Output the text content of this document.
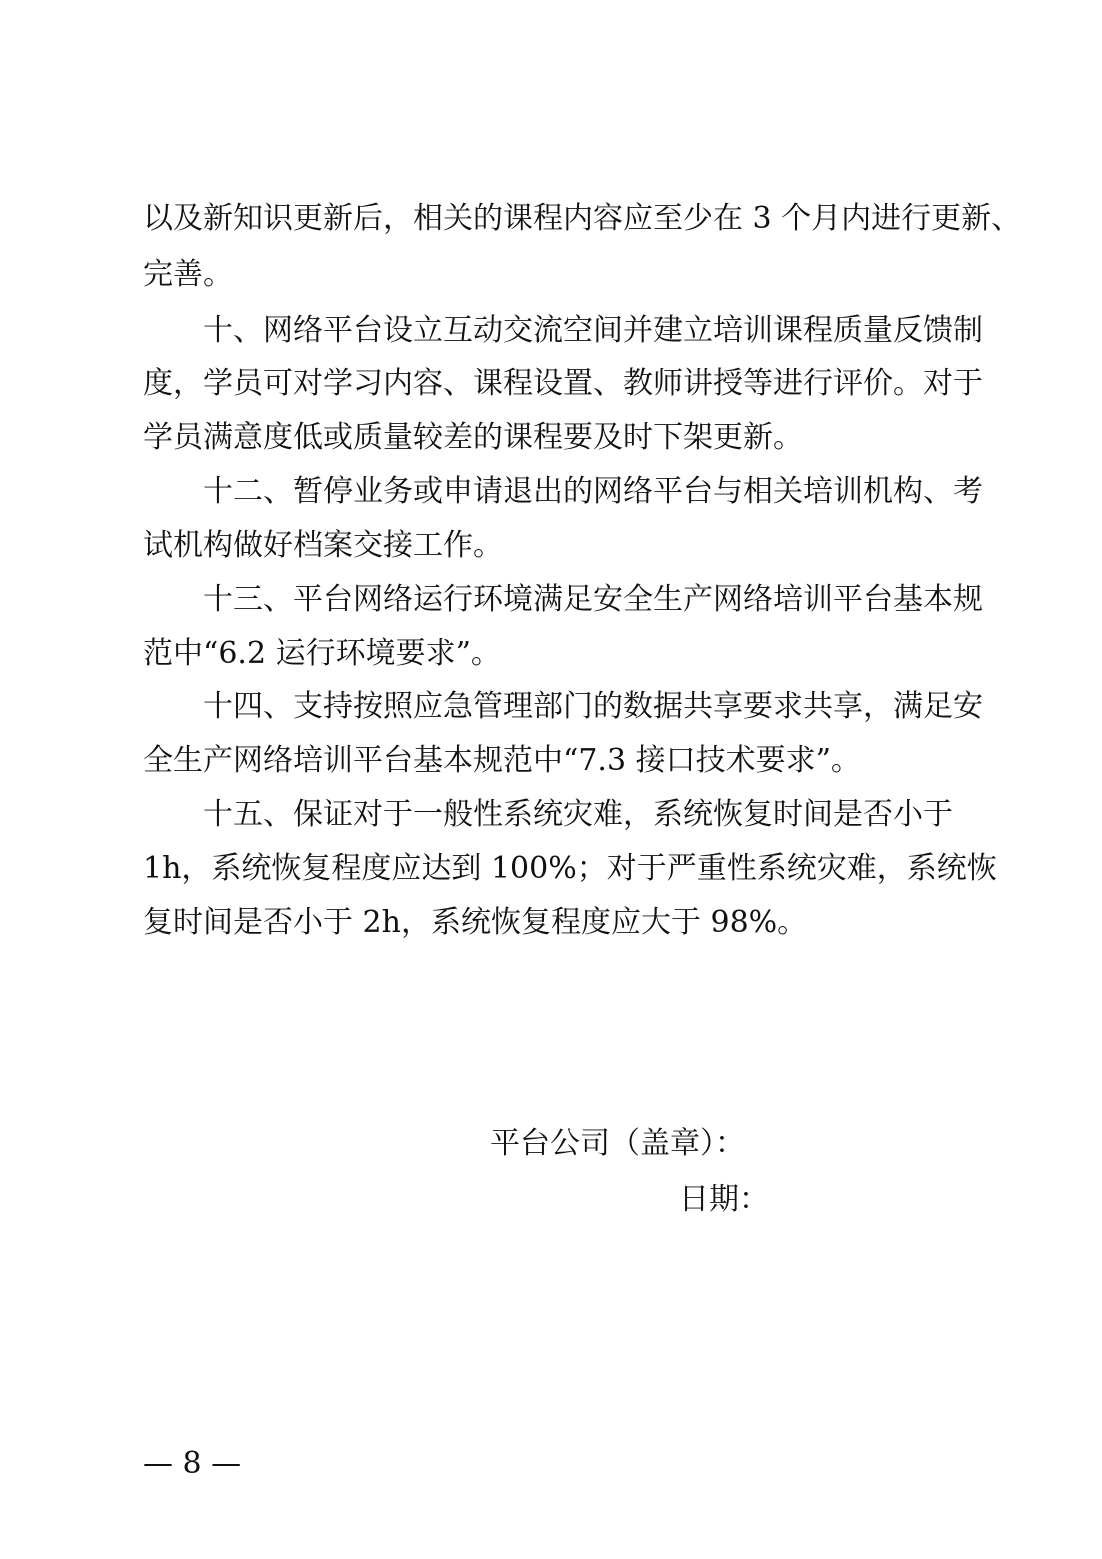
以及新知识更新后，相关的课程内容应至少在 3 个月内进行更新、
完善。
十、网络平台设立互动交流空间并建立培训课程质量反馈制
度，学员可对学习内容、课程设置、教师讲授等进行评价。对于
学员满意度低或质量较差的课程要及时下架更新。
十二、暂停业务或申请退出的网络平台与相关培训机构、考
试机构做好档案交接工作。
十三、平台网络运行环境满足安全生产网络培训平台基本规
范中“6.2 运行环境要求”。
十四、支持按照应急管理部门的数据共享要求共享，满足安
全生产网络培训平台基本规范中“7.3 接口技术要求”。
十五、保证对于一般性系统灾难，系统恢复时间是否小于
1h，系统恢复程度应达到 100%；对于严重性系统灾难，系统恢
复时间是否小于 2h，系统恢复程度应大于 98%。
平台公司（盖章）：
日期：
— 8 —
